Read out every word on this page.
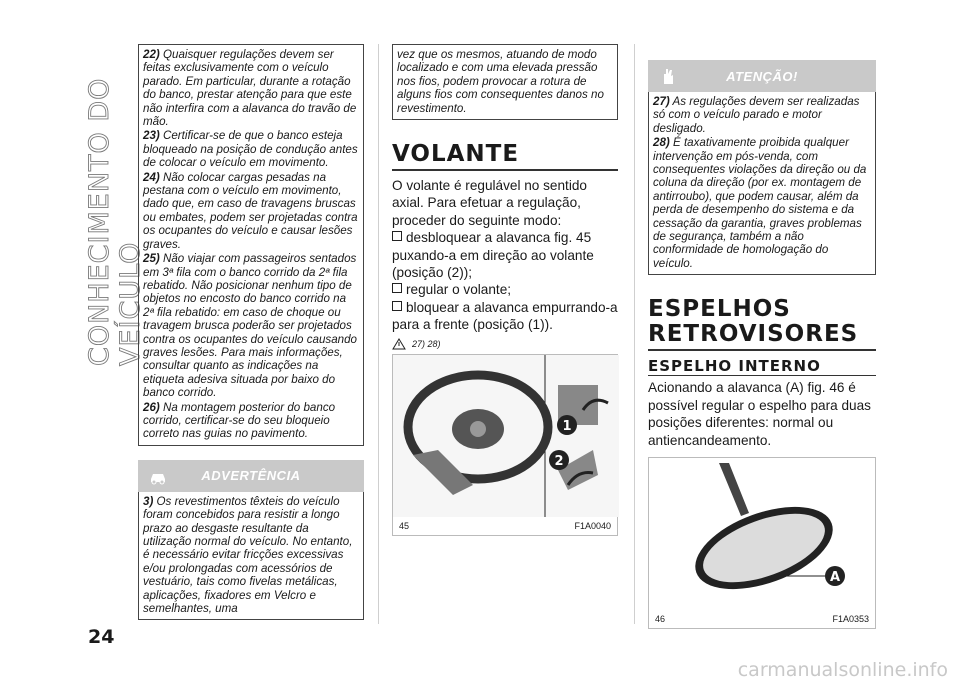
CONHECIMENTO DO VEÍCULO
24

22) Quaisquer regulações devem ser feitas exclusivamente com o veículo parado. Em particular, durante a rotação do banco, prestar atenção para que este não interfira com a alavanca do travão de mão.

23) Certificar-se de que o banco esteja bloqueado na posição de condução antes de colocar o veículo em movimento.

24) Não colocar cargas pesadas na pestana com o veículo em movimento, dado que, em caso de travagens bruscas ou embates, podem ser projetadas contra os ocupantes do veículo e causar lesões graves.

25) Não viajar com passageiros sentados em 3ª fila com o banco corrido da 2ª fila rebatido. Não posicionar nenhum tipo de objetos no encosto do banco corrido na 2ª fila rebatido: em caso de choque ou travagem brusca poderão ser projetados contra os ocupantes do veículo causando graves lesões. Para mais informações, consultar quanto as indicações na etiqueta adesiva situada por baixo do banco corrido.

26) Na montagem posterior do banco corrido, certificar-se do seu bloqueio correto nas guias no pavimento.

ADVERTÊNCIA

3) Os revestimentos têxteis do veículo foram concebidos para resistir a longo prazo ao desgaste resultante da utilização normal do veículo. No entanto, é necessário evitar fricções excessivas e/ou prolongadas com acessórios de vestuário, tais como fivelas metálicas, aplicações, fixadores em Velcro e semelhantes, uma

vez que os mesmos, atuando de modo localizado e com uma elevada pressão nos fios, podem provocar a rotura de alguns fios com consequentes danos no revestimento.

VOLANTE

O volante é regulável no sentido axial. Para efetuar a regulação, proceder do seguinte modo:

desbloquear a alavanca fig. 45 puxando-a em direção ao volante (posição (2));

regular o volante;

bloquear a alavanca empurrando-a para a frente (posição (1)).

27) 28)
1
2
45	F1A0040
ATENÇÃO!

27) As regulações devem ser realizadas só com o veículo parado e motor desligado.

28) É taxativamente proibida qualquer intervenção em pós-venda, com consequentes violações da direção ou da coluna da direção (por ex. montagem de antirroubo), que podem causar, além da perda de desempenho do sistema e da cessação da garantia, graves problemas de segurança, também a não conformidade de homologação do veículo.

ESPELHOS
RETROVISORES
ESPELHO INTERNO

Acionando a alavanca (A) fig. 46 é possível regular o espelho para duas posições diferentes: normal ou antiencandeamento.

A
46	F1A0353
carmanualsonline.info
